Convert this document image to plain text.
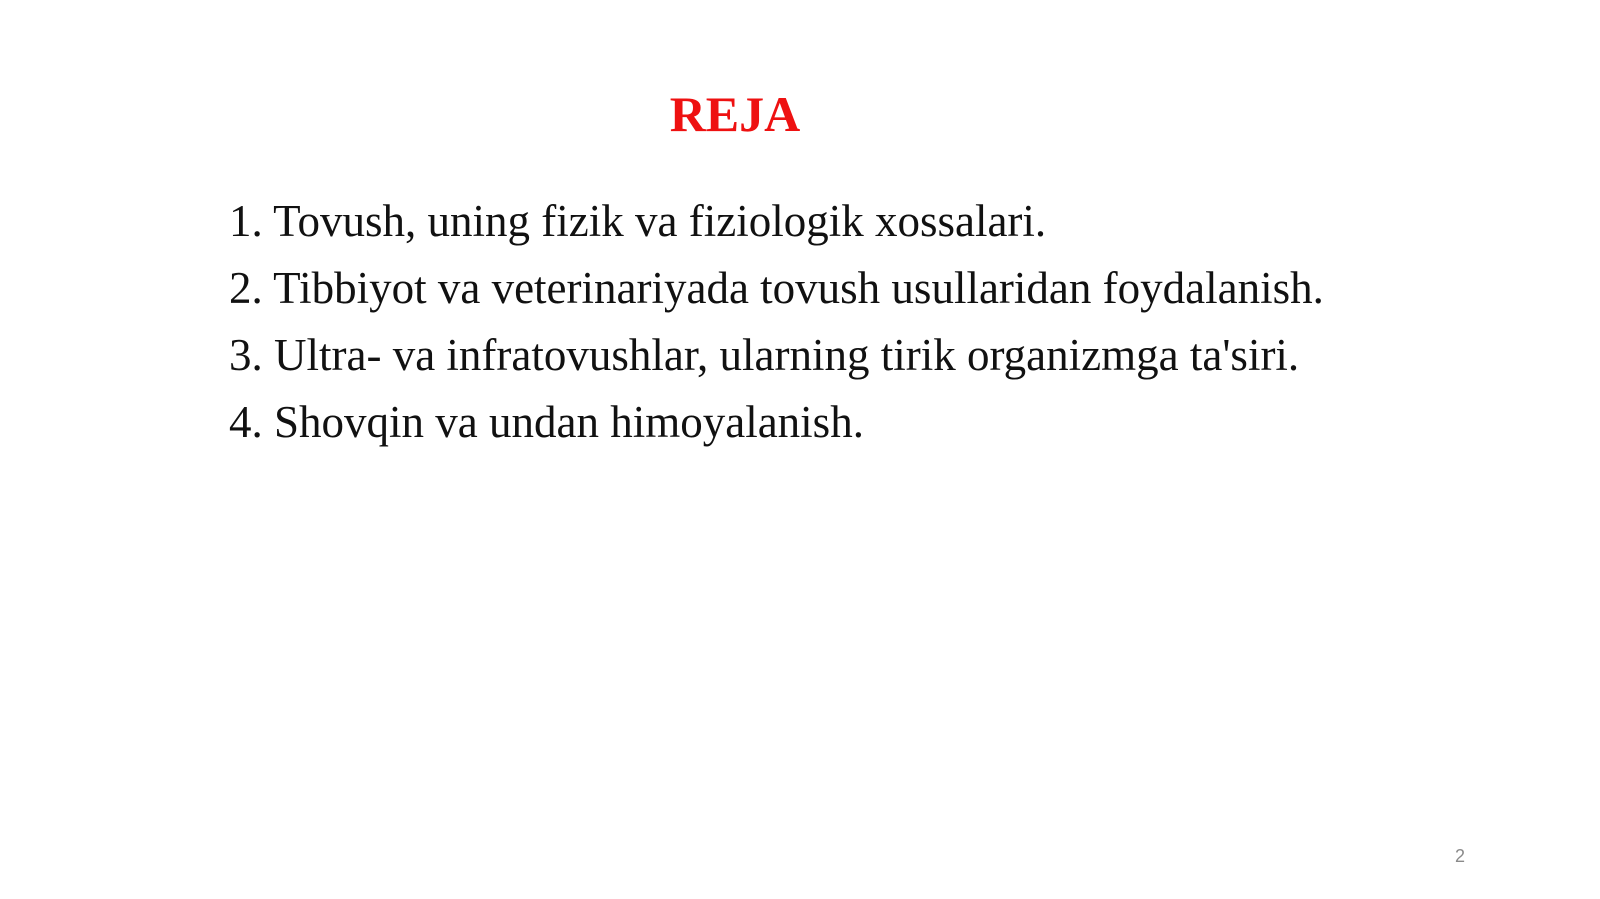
REJA
1. Tovush, uning fizik va fiziologik xossalari.
2. Tibbiyot va veterinariyada tovush usullaridan foydalanish.
3. Ultra- va infratovushlar, ularning tirik organizmga ta'siri.
4. Shovqin va undan himoyalanish.
2
